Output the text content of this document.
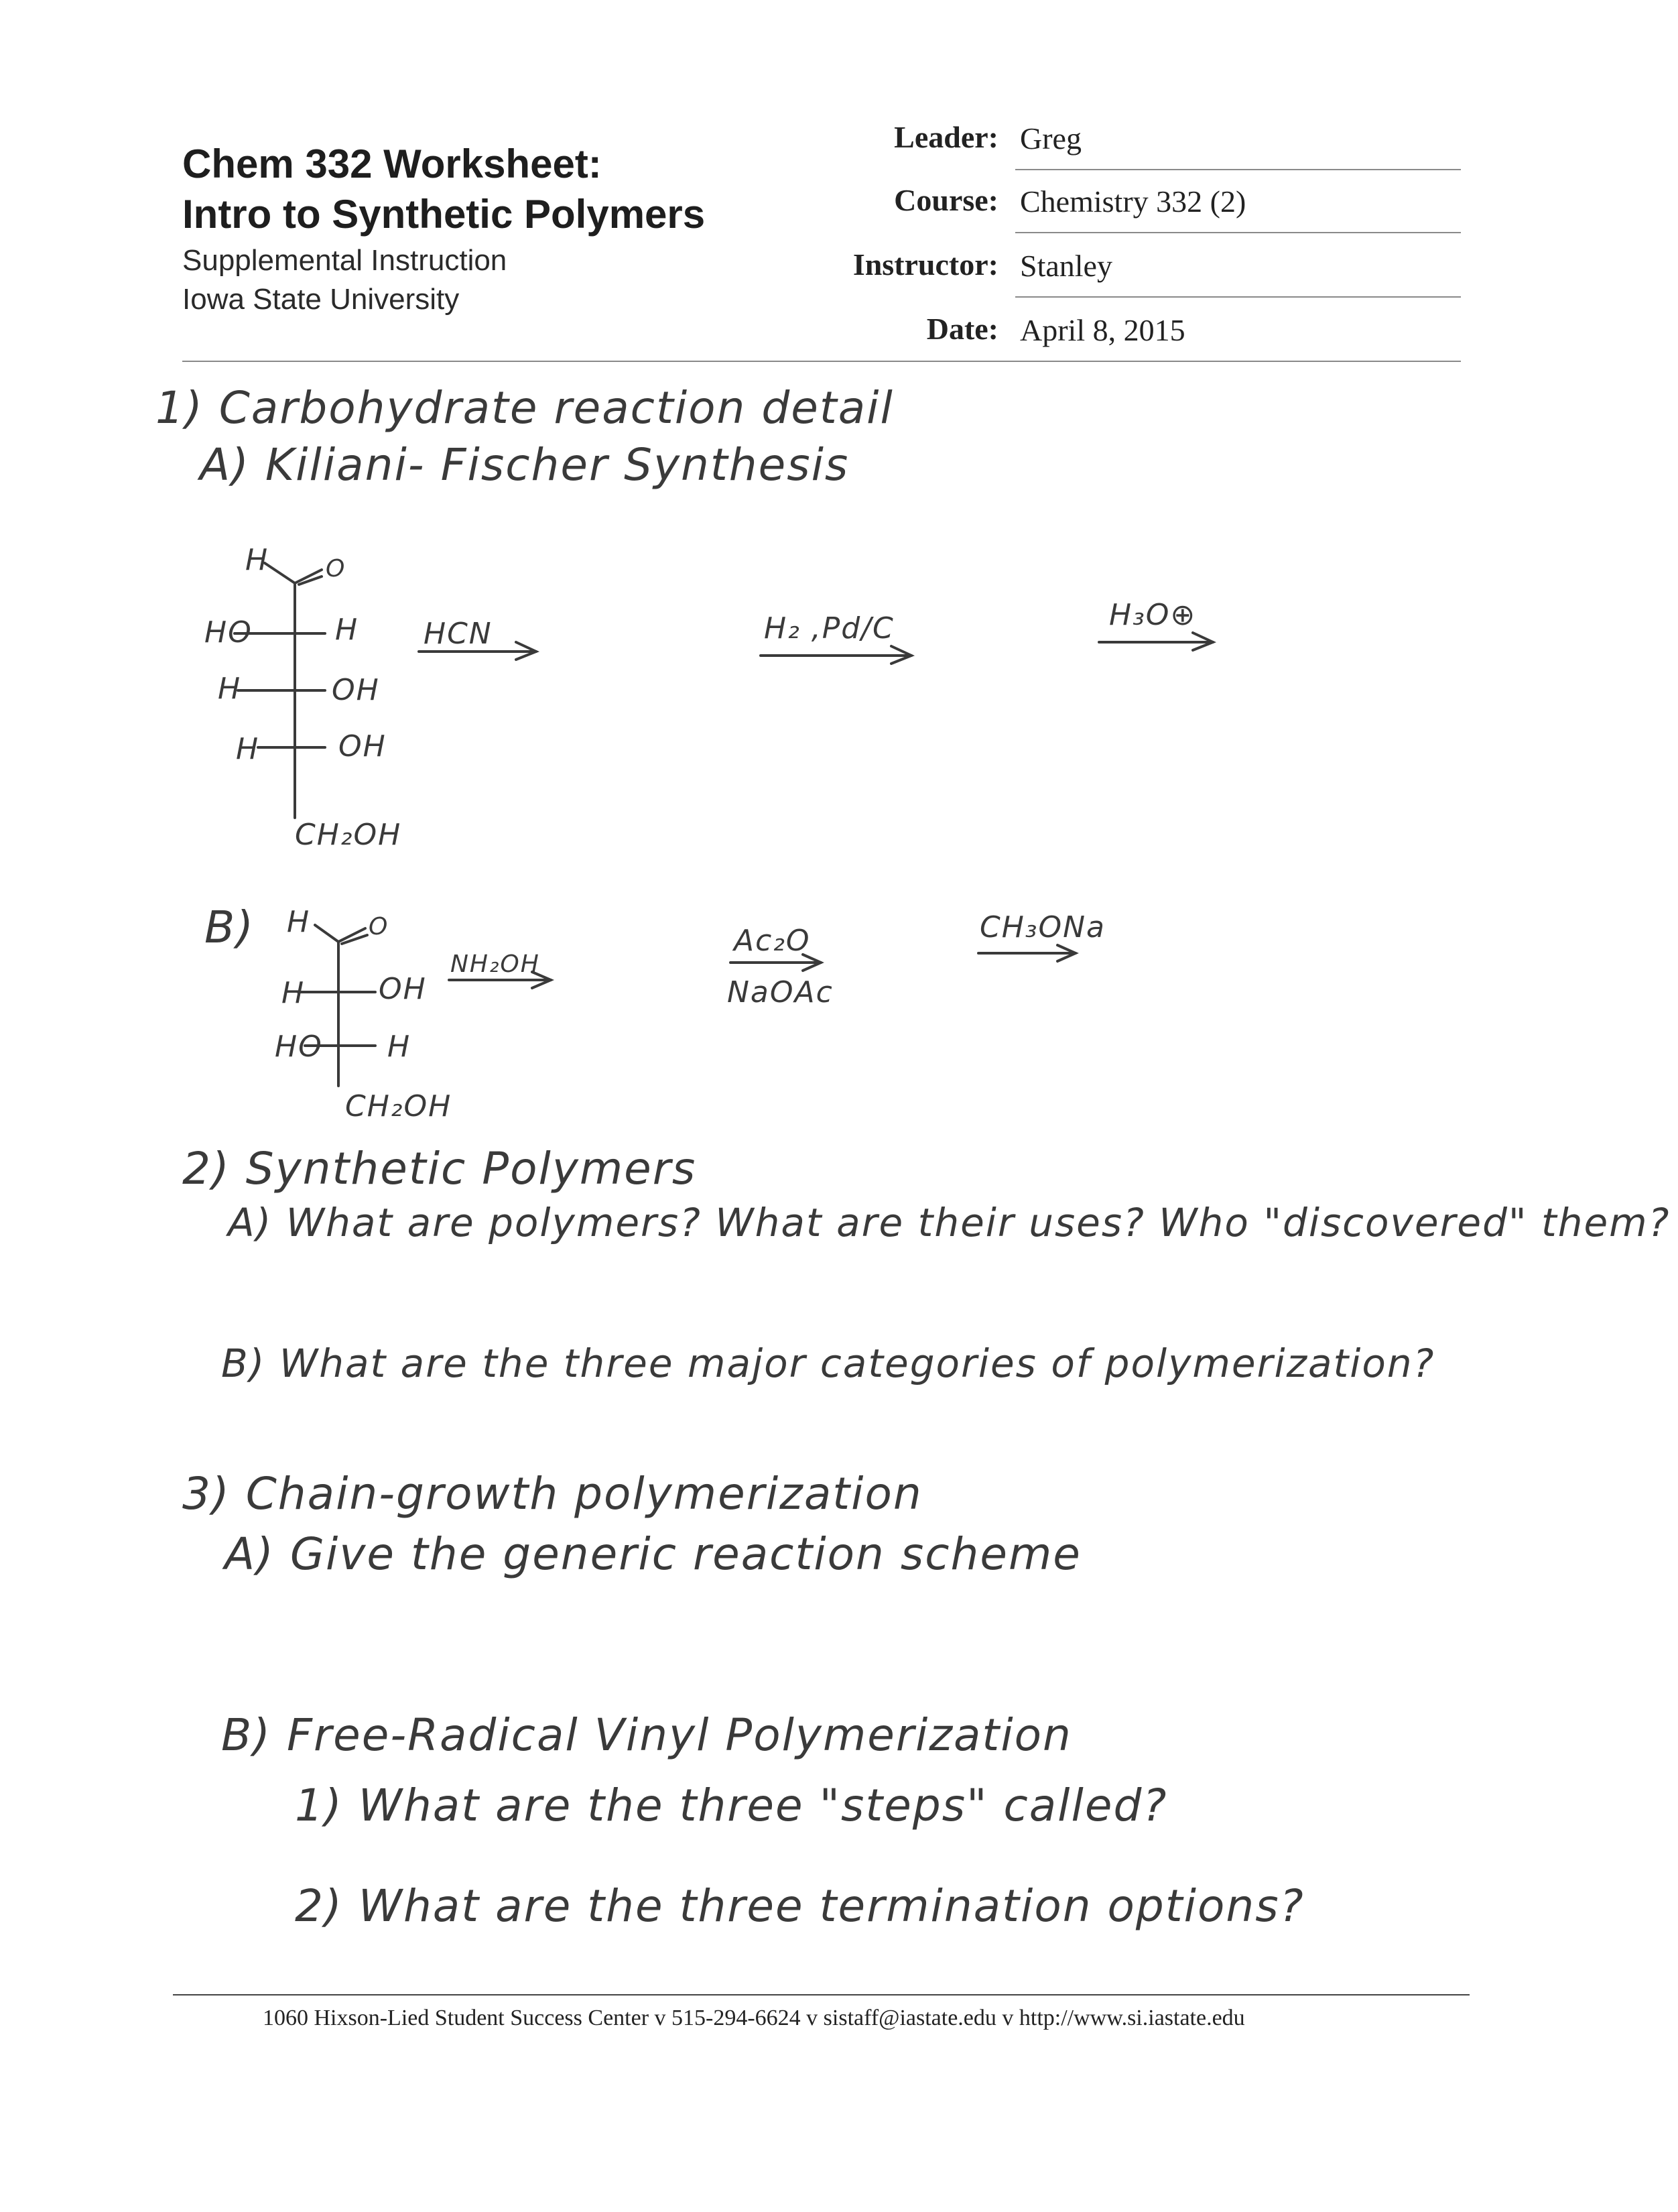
Chem 332 Worksheet:
Intro to Synthetic Polymers
Supplemental Instruction
Iowa State University
Leader: Greg
Course: Chemistry 332 (2)
Instructor: Stanley
Date: April 8, 2015
1) Carbohydrate reaction detail
A) Kiliani- Fischer Synthesis
H O
HO	H
H	OH
H	OH
CH₂OH
HCN	H₂ ,Pd/C	H₃O⊕
B) H O
H OH
HO H
CH₂OH
NH₂OH
Ac₂O
NaOAc
CH₃ONa
2) Synthetic Polymers
A) What are polymers? What are their uses? Who "discovered" them?
B) What are the three major categories of polymerization?
3) Chain-growth polymerization
A) Give the generic reaction scheme
B) Free-Radical Vinyl Polymerization
1) What are the three "steps" called?
2) What are the three termination options?
1060 Hixson-Lied Student Success Center v 515-294-6624 v sistaff@iastate.edu v http://www.si.iastate.edu
